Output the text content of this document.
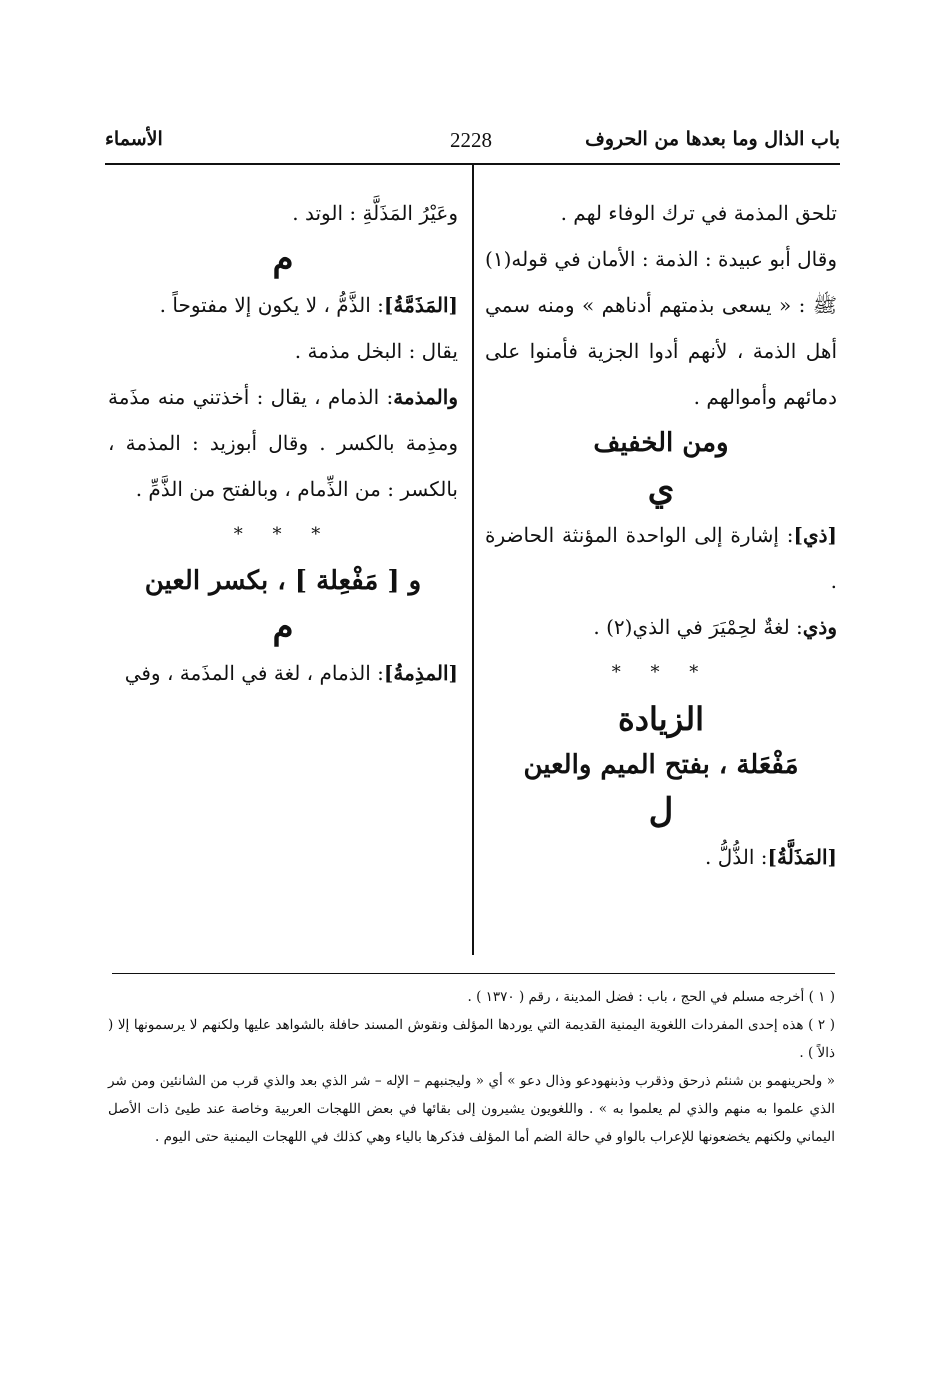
باب الذال وما بعدها من الحروف
2228
الأسماء

تلحق المذمة في ترك الوفاء لهم .

وقال أبو عبيدة : الذمة : الأمان في قوله(١) ﷺ : « يسعى بذمتهم أدناهم » ومنه سمي أهل الذمة ، لأنهم أدوا الجزية فأمنوا على دمائهم وأموالهم .

ومن الخفيف
ي

[ذي]: إشارة إلى الواحدة المؤنثة الحاضرة .

وذي: لغةٌ لحِمْيَرَ في الذي(٢) .

* * *
الزيادة
مَفْعَلة ، بفتح الميم والعين
ل

[المَذَلَّةُ]: الذُّلُّ .

وعَيْرُ المَذَلَّةِ : الوتد .

م

[المَذَمَّةُ]: الذَّمُّ ، لا يكون إلا مفتوحاً .

يقال : البخل مذمة .

والمذمة: الذمام ، يقال : أخذتني منه مذَمة ومذِمة بالكسر . وقال أبوزيد : المذمة ، بالكسر : من الذِّمام ، وبالفتح من الذَّمِّ .

* * *
و [ مَفْعِلة ] ، بكسر العين
م

[المذِمةُ]: الذمام ، لغة في المذَمة ، وفي

( ١ ) أخرجه مسلم في الحج ، باب : فضل المدينة ، رقم ( ١٣٧٠ ) .

( ٢ ) هذه إحدى المفردات اللغوية اليمنية القديمة التي يوردها المؤلف ونقوش المسند حافلة بالشواهد عليها ولكنهم لا يرسمونها إلا ( ذالاً ) .

« ولحرينهمو بن شنئم ذرحق وذقرب وذبنهودعو وذال دعو » أي « وليجنبهم – الإله – شر الذي بعد والذي قرب من الشانئين ومن شر الذي علموا به منهم والذي لم يعلموا به » . واللغويون يشيرون إلى بقائها في بعض اللهجات العربية وخاصة عند طيئ ذات الأصل اليماني ولكنهم يخضعونها للإعراب بالواو في حالة الضم أما المؤلف فذكرها بالياء وهي كذلك في اللهجات اليمنية حتى اليوم .
